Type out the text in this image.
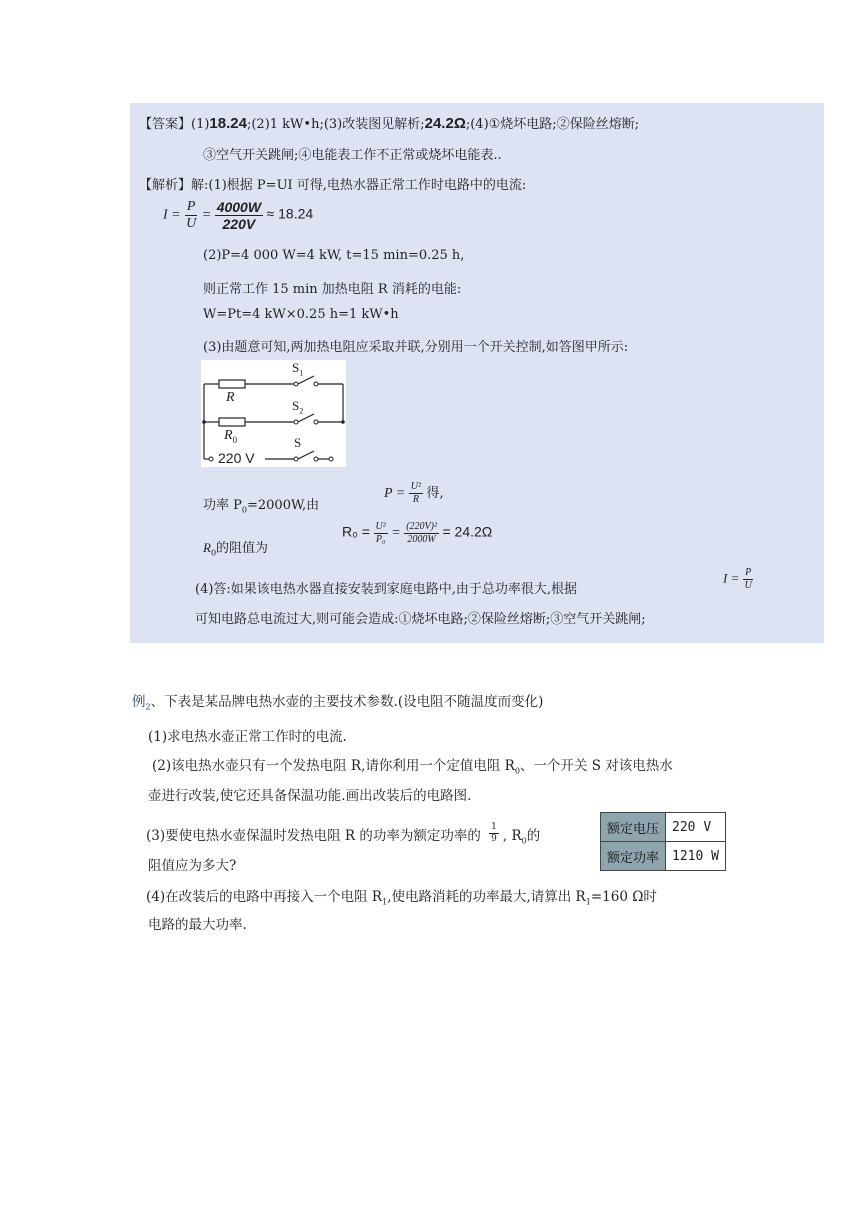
【答案】(1)18.24;(2)1 kW•h;(3)改装图见解析;24.2Ω;(4)①烧坏电路;②保险丝熔断;
③空气开关跳闸;④电能表工作不正常或烧坏电能表..
【解析】解:(1)根据 P=UI 可得,电热水器正常工作时电路中的电流:
$I = \frac{P}{U} = \frac{4000W}{220V} \approx 18.24$
(2)P=4 000 W=4 kW, t=15 min=0.25 h,
则正常工作 15 min 加热电阻 R 消耗的电能:
W=Pt=4 kW×0.25 h=1 kW•h
(3)由题意可知,两加热电阻应采取并联,分别用一个开关控制,如答图甲所示:
$S_1$
R
$S_2$
$R_0$	S
220 V
功率 $P_0=2000W$,由
$P = \frac{\text{U²}}{R}$ 得,
$R_0$的阻值为
$R_0 = \frac{\text{U²}}{\text{P₀}} = \frac{\text{(220V)²}}{2000W} = 24.2\Omega$
(4)答:如果该电热水器直接安装到家庭电路中,由于总功率很大,根据
$I = \frac{P}{U}$
可知电路总电流过大,则可能会造成:①烧坏电路;②保险丝熔断;③空气开关跳闸;
例$_2$、下表是某品牌电热水壶的主要技术参数.(设电阻不随温度而变化)
(1)求电热水壶正常工作时的电流.
(2)该电热水壶只有一个发热电阻 R,请你利用一个定值电阻 $R_0$、一个开关 S 对该电热水
壶进行改装,使它还具备保温功能.画出改装后的电路图.
(3)要使电热水壶保温时发热电阻 R 的功率为额定功率的 $\frac{1}{9}$ , $R_0$的
阻值应为多大?
额定电压	220 V
额定功率	1210 W
(4)在改装后的电路中再接入一个电阻 $R_1$,使电路消耗的功率最大,请算出 $R_1=160$ Ω时
电路的最大功率.
